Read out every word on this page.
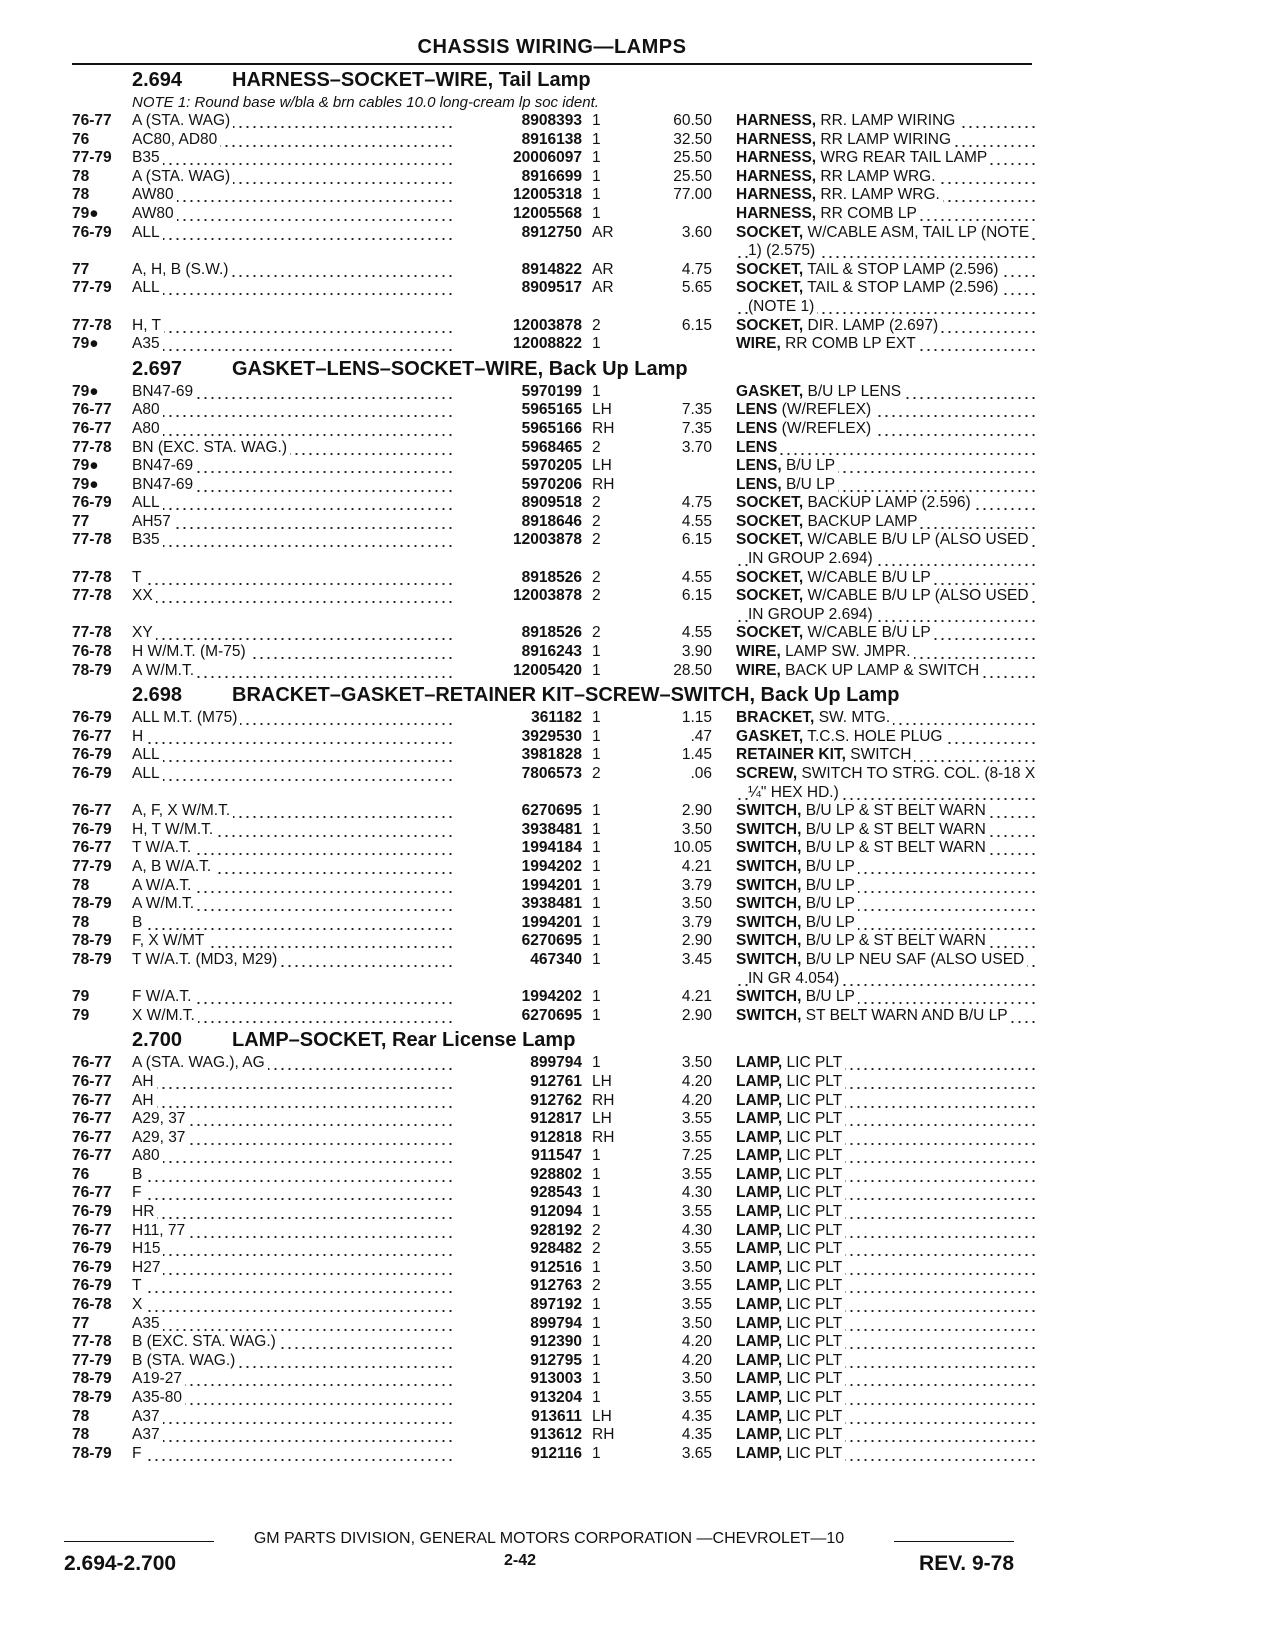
CHASSIS WIRING—LAMPS
2.694 HARNESS–SOCKET–WIRE, Tail Lamp
NOTE 1: Round base w/bla & brn cables 10.0 long-cream lp soc ident.
76-77	A (STA. WAG)	8908393 1	60.50 HARNESS, RR. LAMP WIRING
76	AC80, AD80	8916138 1	32.50 HARNESS, RR LAMP WIRING
77-79	B35	20006097 1	25.50 HARNESS, WRG REAR TAIL LAMP
78	A (STA. WAG)	8916699 1	25.50 HARNESS, RR LAMP WRG.
78	AW80	12005318 1	77.00 HARNESS, RR. LAMP WRG.
79●	AW80	12005568 1	HARNESS, RR COMB LP
76-79	ALL	8912750 AR	3.60 SOCKET, W/CABLE ASM, TAIL LP (NOTE
1) (2.575)
77	A, H, B (S.W.)	8914822 AR	4.75 SOCKET, TAIL & STOP LAMP (2.596)
77-79	ALL	8909517 AR	5.65 SOCKET, TAIL & STOP LAMP (2.596)
(NOTE 1)
77-78	H, T	12003878 2	6.15 SOCKET, DIR. LAMP (2.697)
79●	A35	12008822 1	WIRE, RR COMB LP EXT
2.697 GASKET–LENS–SOCKET–WIRE, Back Up Lamp
79●	BN47-69	5970199 1	GASKET, B/U LP LENS
76-77	A80	5965165 LH	7.35 LENS (W/REFLEX)
76-77	A80	5965166 RH	7.35 LENS (W/REFLEX)
77-78	BN (EXC. STA. WAG.)	5968465 2	3.70 LENS
79●	BN47-69	5970205 LH	LENS, B/U LP
79●	BN47-69	5970206 RH	LENS, B/U LP
76-79	ALL	8909518 2	4.75 SOCKET, BACKUP LAMP (2.596)
77	AH57	8918646 2	4.55 SOCKET, BACKUP LAMP
77-78	B35	12003878 2	6.15 SOCKET, W/CABLE B/U LP (ALSO USED
IN GROUP 2.694)
77-78	T	8918526 2	4.55 SOCKET, W/CABLE B/U LP
77-78	XX	12003878 2	6.15 SOCKET, W/CABLE B/U LP (ALSO USED
IN GROUP 2.694)
77-78	XY	8918526 2	4.55 SOCKET, W/CABLE B/U LP
76-78	H W/M.T. (M-75)	8916243 1	3.90 WIRE, LAMP SW. JMPR.
78-79	A W/M.T.	12005420 1	28.50 WIRE, BACK UP LAMP & SWITCH
2.698 BRACKET–GASKET–RETAINER KIT–SCREW–SWITCH, Back Up Lamp
76-79	ALL M.T. (M75)	361182 1	1.15 BRACKET, SW. MTG.
76-77	H	3929530 1	.47 GASKET, T.C.S. HOLE PLUG
76-79	ALL	3981828 1	1.45 RETAINER KIT, SWITCH
76-79	ALL	7806573 2	.06 SCREW, SWITCH TO STRG. COL. (8-18 X
¼" HEX HD.)
76-77	A, F, X W/M.T.	6270695 1	2.90 SWITCH, B/U LP & ST BELT WARN
76-79	H, T W/M.T.	3938481 1	3.50 SWITCH, B/U LP & ST BELT WARN
76-77	T W/A.T.	1994184 1	10.05 SWITCH, B/U LP & ST BELT WARN
77-79	A, B W/A.T.	1994202 1	4.21 SWITCH, B/U LP
78	A W/A.T.	1994201 1	3.79 SWITCH, B/U LP
78-79	A W/M.T.	3938481 1	3.50 SWITCH, B/U LP
78	B	1994201 1	3.79 SWITCH, B/U LP
78-79	F, X W/MT	6270695 1	2.90 SWITCH, B/U LP & ST BELT WARN
78-79	T W/A.T. (MD3, M29)	467340 1	3.45 SWITCH, B/U LP NEU SAF (ALSO USED
IN GR 4.054)
79	F W/A.T.	1994202 1	4.21 SWITCH, B/U LP
79	X W/M.T.	6270695 1	2.90 SWITCH, ST BELT WARN AND B/U LP
2.700 LAMP–SOCKET, Rear License Lamp
76-77	A (STA. WAG.), AG	899794 1	3.50 LAMP, LIC PLT
76-77	AH	912761 LH	4.20 LAMP, LIC PLT
76-77	AH	912762 RH	4.20 LAMP, LIC PLT
76-77	A29, 37	912817 LH	3.55 LAMP, LIC PLT
76-77	A29, 37	912818 RH	3.55 LAMP, LIC PLT
76-77	A80	911547 1	7.25 LAMP, LIC PLT
76	B	928802 1	3.55 LAMP, LIC PLT
76-77	F	928543 1	4.30 LAMP, LIC PLT
76-79	HR	912094 1	3.55 LAMP, LIC PLT
76-77	H11, 77	928192 2	4.30 LAMP, LIC PLT
76-79	H15	928482 2	3.55 LAMP, LIC PLT
76-79	H27	912516 1	3.50 LAMP, LIC PLT
76-79	T	912763 2	3.55 LAMP, LIC PLT
76-78	X	897192 1	3.55 LAMP, LIC PLT
77	A35	899794 1	3.50 LAMP, LIC PLT
77-78	B (EXC. STA. WAG.)	912390 1	4.20 LAMP, LIC PLT
77-79	B (STA. WAG.)	912795 1	4.20 LAMP, LIC PLT
78-79	A19-27	913003 1	3.50 LAMP, LIC PLT
78-79	A35-80	913204 1	3.55 LAMP, LIC PLT
78	A37	913611 LH	4.35 LAMP, LIC PLT
78	A37	913612 RH	4.35 LAMP, LIC PLT
78-79	F	912116 1	3.65 LAMP, LIC PLT
GM PARTS DIVISION, GENERAL MOTORS CORPORATION —CHEVROLET—10
2.694-2.700	2-42	REV. 9-78
